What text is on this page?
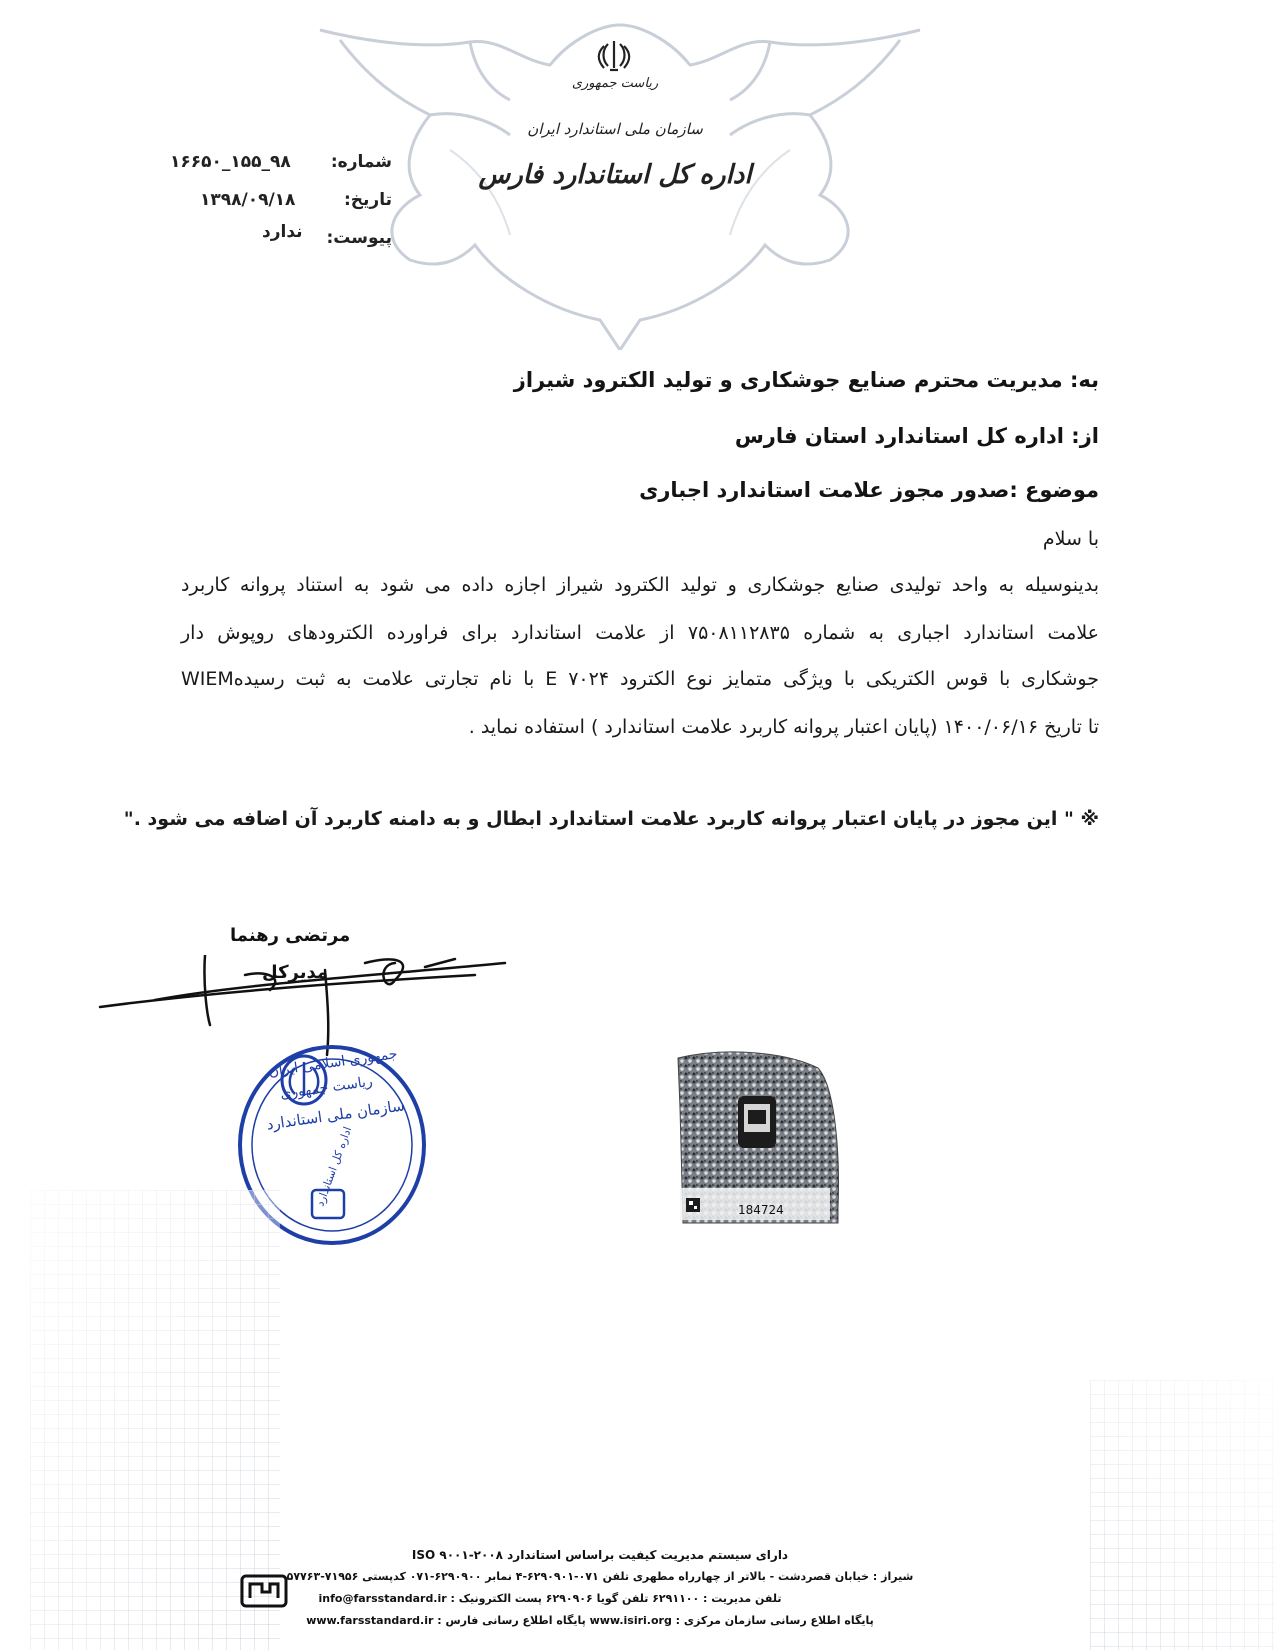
ریاست جمهوری
سازمان ملی استاندارد ایران
اداره کل استاندارد فارس
شماره:
۹۸_۱۵۵_۱۶۶۵۰
تاریخ:
۱۳۹۸/۰۹/۱۸
پیوست:
ندارد
به: مدیریت محترم صنایع جوشکاری و تولید الکترود شیراز
از: اداره کل استاندارد استان فارس
موضوع :صدور مجوز علامت استاندارد اجباری
با سلام
بدینوسیله به واحد تولیدی صنایع جوشکاری و تولید الکترود شیراز اجازه داده می شود به استناد پروانه کاربرد
علامت استاندارد اجباری به شماره ۷۵۰۸۱۱۲۸۳۵ از علامت استاندارد برای فراورده الکترودهای روپوش دار
جوشکاری با قوس الکتریکی با ویژگی متمایز نوع الکترود E ۷۰۲۴ با نام تجارتی علامت به ثبت رسیدهWIEM
تا تاریخ ۱۴۰۰/۰۶/۱۶ (پایان اعتبار پروانه کاربرد علامت استاندارد ) استفاده نماید .
※ " این مجوز در پایان اعتبار پروانه کاربرد علامت استاندارد ابطال و به دامنه کاربرد آن اضافه می شود ."
مرتضی رهنما
مدیرکل
جمهوری اسلامی ایران
ریاست جمهوری
سازمان ملی استاندارد
اداره کل استاندارد
184724
دارای سیستم مدیریت کیفیت براساس استاندارد ISO ۹۰۰۱-۲۰۰۸
شیراز : خیابان قصردشت - بالاتر از چهارراه مطهری تلفن ۰۷۱-۶۲۹۰۹۰۱-۴ نمابر ۶۲۹۰۹۰۰-۰۷۱ کدپستی ۷۱۹۵۶-۵۷۷۶۳
تلفن مدیریت : ۶۲۹۱۱۰۰ تلفن گویا ۶۲۹۰۹۰۶ پست الکترونیک : info@farsstandard.ir
پایگاه اطلاع رسانی سازمان مرکزی : www.isiri.org پایگاه اطلاع رسانی فارس : www.farsstandard.ir
